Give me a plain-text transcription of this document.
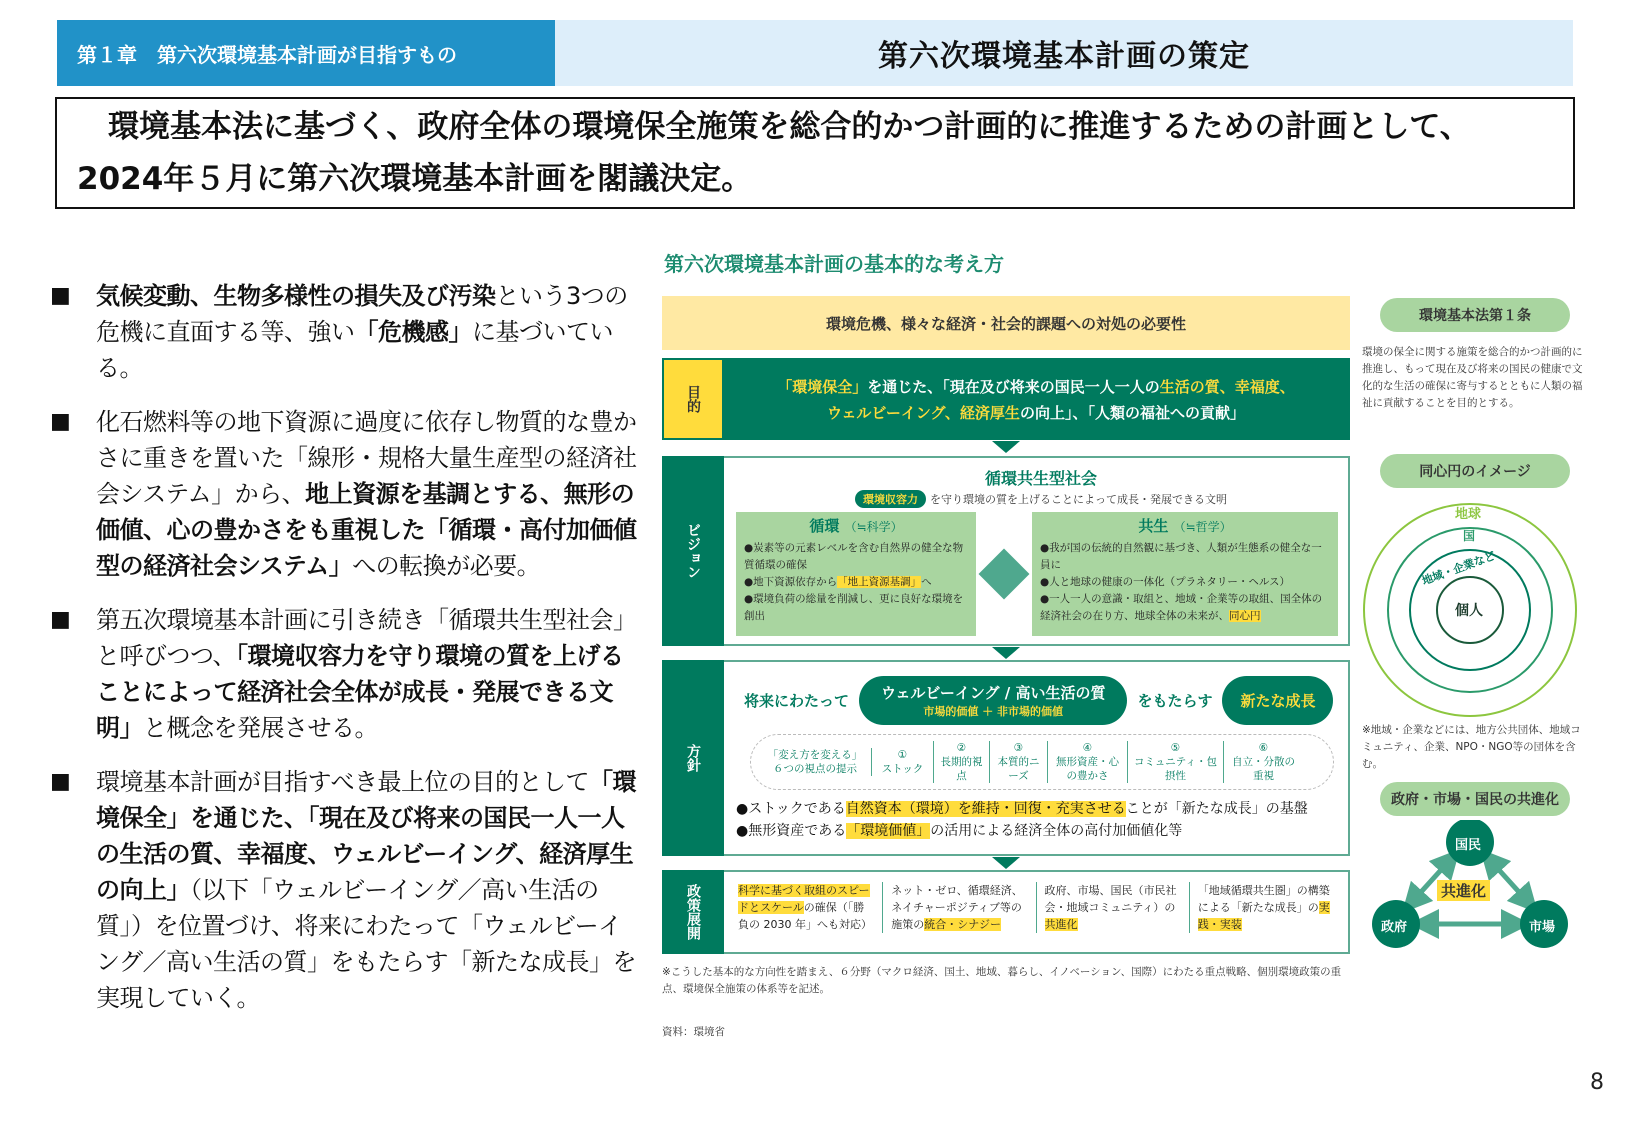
第１章　第六次環境基本計画が目指すもの	第六次環境基本計画の策定
　環境基本法に基づく、政府全体の環境保全施策を総合的かつ計画的に推進するための計画として、2024年５月に第六次環境基本計画を閣議決定。
■	気候変動、生物多様性の損失及び汚染という3つの危機に直面する等、強い「危機感」に基づいている。
■	化石燃料等の地下資源に過度に依存し物質的な豊かさに重きを置いた「線形・規格大量生産型の経済社会システム」から、地上資源を基調とする、無形の価値、心の豊かさをも重視した「循環・高付加価値型の経済社会システム」への転換が必要。
■	第五次環境基本計画に引き続き「循環共生型社会」と呼びつつ、「環境収容力を守り環境の質を上げることによって経済社会全体が成長・発展できる文明」と概念を発展させる。
■	環境基本計画が目指すべき最上位の目的として「環境保全」を通じた、「現在及び将来の国民一人一人の生活の質、幸福度、ウェルビーイング、経済厚生の向上」（以下「ウェルビーイング／高い生活の質」）を位置づけ、将来にわたって「ウェルビーイング／高い生活の質」をもたらす「新たな成長」を実現していく。
第六次環境基本計画の基本的な考え方
環境危機、様々な経済・社会的課題への対処の必要性
目的	「環境保全」を通じた、「現在及び将来の国民一人一人の生活の質、幸福度、
ウェルビーイング、経済厚生の向上」、「人類の福祉への貢献」
ビジョン
循環共生型社会
環境収容力 を守り環境の質を上げることによって成長・発展できる文明
循環 （≒科学）
●炭素等の元素レベルを含む自然界の健全な物質循環の確保
●地下資源依存から「地上資源基調」へ
●環境負荷の総量を削減し、更に良好な環境を創出
共生 （≒哲学）
●我が国の伝統的自然観に基づき、人類が生態系の健全な一員に
●人と地球の健康の一体化（プラネタリー・ヘルス）
●一人一人の意識・取組と、地域・企業等の取組、国全体の経済社会の在り方、地球全体の未来が、同心円
方針
将来にわたって	ウェルビーイング / 高い生活の質
市場的価値 ＋ 非市場的価値
をもたらす	新たな成長
「変え方を変える」６つの視点の提示
①
ストック
②
長期的視点
③
本質的ニーズ
④
無形資産・心の豊かさ
⑤
コミュニティ・包摂性
⑥
自立・分散の重視
●ストックである自然資本（環境）を維持・回復・充実させることが「新たな成長」の基盤
●無形資産である「環境価値」の活用による経済全体の高付加価値化等
政策展開	科学に基づく取組のスピードとスケールの確保（「勝負の 2030 年」へも対応）
ネット・ゼロ、循環経済、ネイチャーポジティブ等の施策の統合・シナジー
政府、市場、国民（市民社会・地域コミュニティ）の共進化
「地域循環共生圏」の構築による「新たな成長」の実践・実装
※こうした基本的な方向性を踏まえ、６分野（マクロ経済、国土、地域、暮らし、イノベーション、国際）にわたる重点戦略、個別環境政策の重点、環境保全施策の体系等を記述。
資料：環境省
環境基本法第１条
環境の保全に関する施策を総合的かつ計画的に推進し、もって現在及び将来の国民の健康で文化的な生活の確保に寄与するとともに人類の福祉に貢献することを目的とする。
同心円のイメージ
地球
国
地域・企業など
個人
※地域・企業などには、地方公共団体、地域コミュニティ、企業、NPO・NGO等の団体を含む。
政府・市場・国民の共進化
国民
政府	市場
共進化
8
